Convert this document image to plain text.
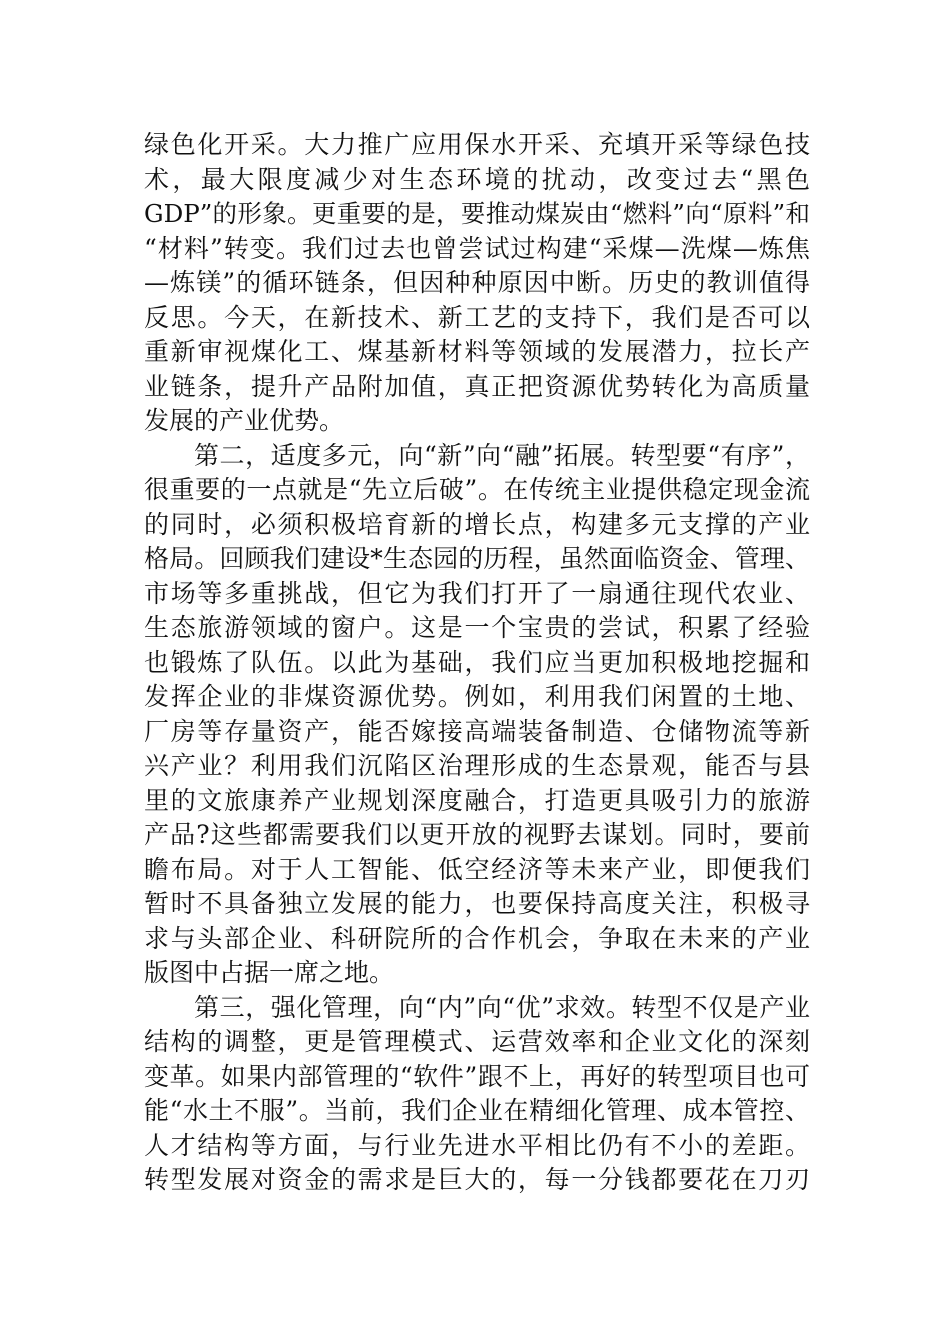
绿色化开采。大力推广应用保水开采、充填开采等绿色技
术，最大限度减少对生态环境的扰动，改变过去“黑色
GDP”的形象。更重要的是，要推动煤炭由“燃料”向“原料”和
“材料”转变。我们过去也曾尝试过构建“采煤—洗煤—炼焦
—炼镁”的循环链条，但因种种原因中断。历史的教训值得
反思。今天，在新技术、新工艺的支持下，我们是否可以
重新审视煤化工、煤基新材料等领域的发展潜力，拉长产
业链条，提升产品附加值，真正把资源优势转化为高质量
发展的产业优势。
第二，适度多元，向“新”向“融”拓展。转型要“有序”，
很重要的一点就是“先立后破”。在传统主业提供稳定现金流
的同时，必须积极培育新的增长点，构建多元支撑的产业
格局。回顾我们建设*生态园的历程，虽然面临资金、管理、
市场等多重挑战，但它为我们打开了一扇通往现代农业、
生态旅游领域的窗户。这是一个宝贵的尝试，积累了经验
也锻炼了队伍。以此为基础，我们应当更加积极地挖掘和
发挥企业的非煤资源优势。例如，利用我们闲置的土地、
厂房等存量资产，能否嫁接高端装备制造、仓储物流等新
兴产业？利用我们沉陷区治理形成的生态景观，能否与县
里的文旅康养产业规划深度融合，打造更具吸引力的旅游
产品?这些都需要我们以更开放的视野去谋划。同时，要前
瞻布局。对于人工智能、低空经济等未来产业，即便我们
暂时不具备独立发展的能力，也要保持高度关注，积极寻
求与头部企业、科研院所的合作机会，争取在未来的产业
版图中占据一席之地。
第三，强化管理，向“内”向“优”求效。转型不仅是产业
结构的调整，更是管理模式、运营效率和企业文化的深刻
变革。如果内部管理的“软件”跟不上，再好的转型项目也可
能“水土不服”。当前，我们企业在精细化管理、成本管控、
人才结构等方面，与行业先进水平相比仍有不小的差距。
转型发展对资金的需求是巨大的，每一分钱都要花在刀刃
